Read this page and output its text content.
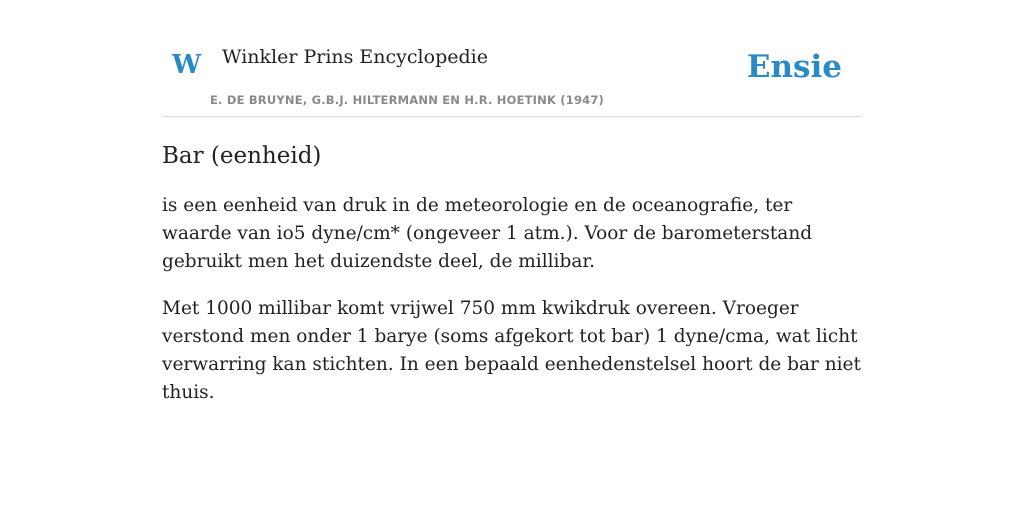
W Winkler Prins Encyclopedie
E. DE BRUYNE, G.B.J. HILTERMANN EN H.R. HOETINK (1947)
Ensie
Bar (eenheid)

is een eenheid van druk in de meteorologie en de oceanografie, ter waarde van io5 dyne/cm* (ongeveer 1 atm.). Voor de barometerstand gebruikt men het duizendste deel, de millibar.

Met 1000 millibar komt vrijwel 750 mm kwikdruk overeen. Vroeger verstond men onder 1 barye (soms afgekort tot bar) 1 dyne/cma, wat licht verwarring kan stichten. In een bepaald eenhedenstelsel hoort de bar niet thuis.
